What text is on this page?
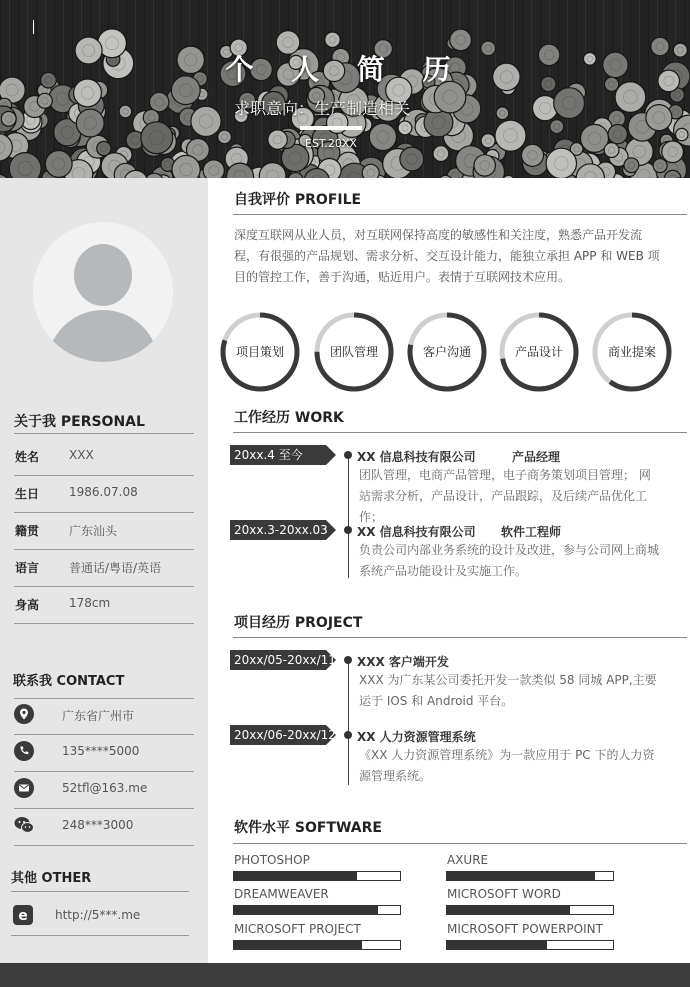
个 人 简 历
求职意向：生产制造相关
EST.20XX
关于我 PERSONAL
姓名 XXX
生日 1986.07.08
籍贯 广东汕头
语言 普通话/粤语/英语
身高 178cm
联系我 CONTACT
广东省广州市
135****5000
52tfl@163.me
248***3000
其他 OTHER
e http://5***.me
自我评价 PROFILE
深度互联网从业人员，对互联网保持高度的敏感性和关注度，熟悉产品开发流程，有很强的产品规划、需求分析、交互设计能力，能独立承担 APP 和 WEB 项目的管控工作，善于沟通，贴近用户。表情于互联网技术应用。
项目策划	团队管理	客户沟通	产品设计	商业提案
工作经历 WORK
20xx.4 至今	XX 信息科技有限公司	产品经理
团队管理，电商产品管理，电子商务策划项目管理； 网站需求分析，产品设计，产品跟踪，及后续产品优化工作；
20xx.3-20xx.03	XX 信息科技有限公司 软件工程师
负责公司内部业务系统的设计及改进，参与公司网上商城系统产品功能设计及实施工作。
项目经历 PROJECT
20xx/05-20xx/11 XXX 客户端开发
XXX 为广东某公司委托开发一款类似 58 同城 APP,主要运于 IOS 和 Android 平台。
20xx/06-20xx/12 XX 人力资源管理系统
《XX 人力资源管理系统》为一款应用于 PC 下的人力资源管理系统。
软件水平 SOFTWARE
PHOTOSHOP	AXURE
DREAMWEAVER	MICROSOFT WORD
MICROSOFT PROJECT	MICROSOFT POWERPOINT
